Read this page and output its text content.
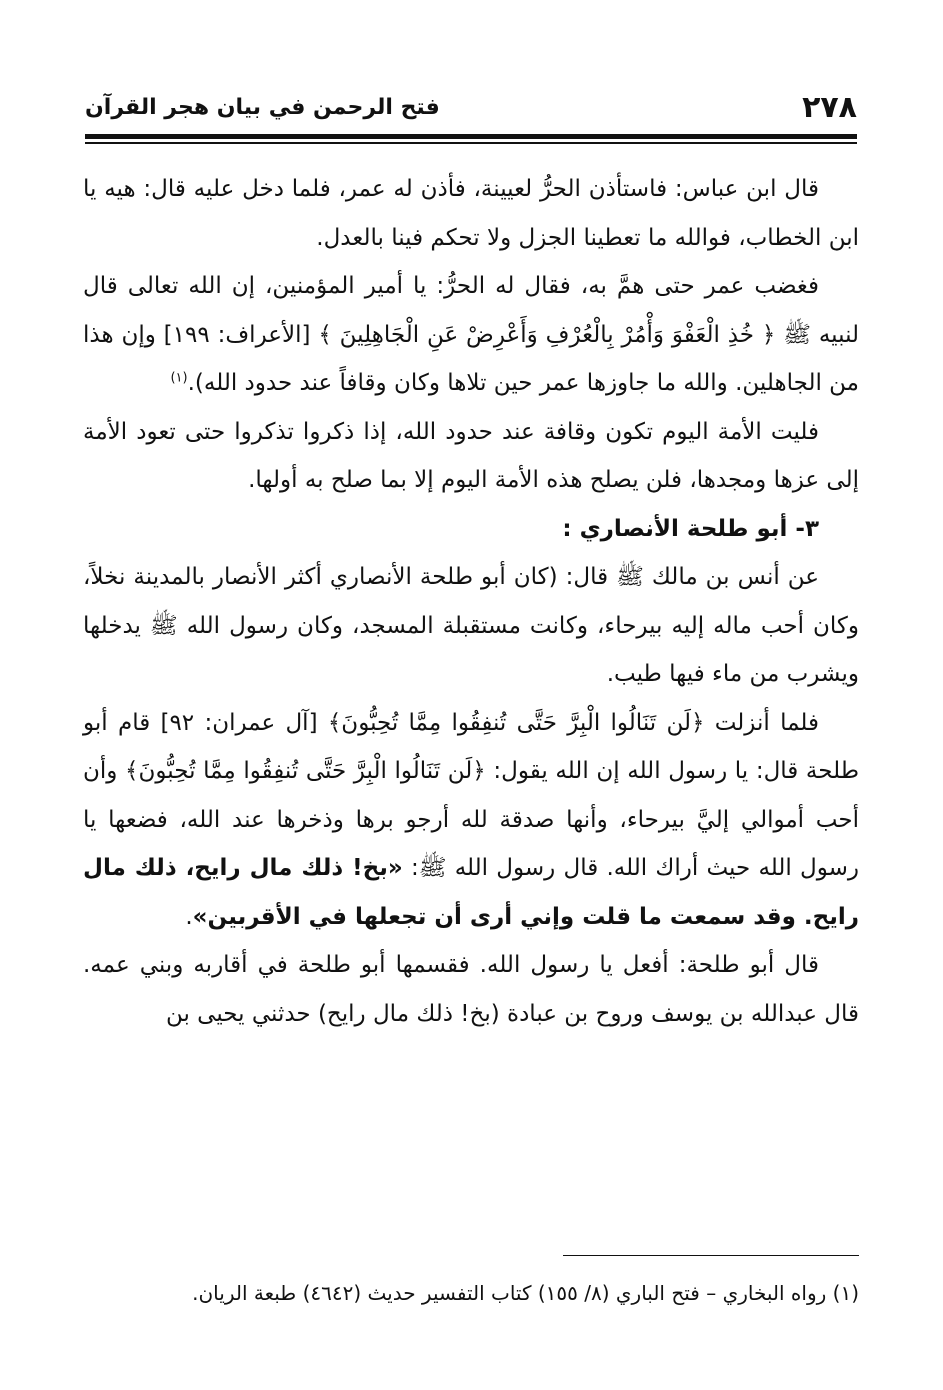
٢٧٨
فتح الرحمن في بيان هجر القرآن

قال ابن عباس: فاستأذن الحرُّ لعيينة، فأذن له عمر، فلما دخل عليه قال: هيه يا ابن الخطاب، فوالله ما تعطينا الجزل ولا تحكم فينا بالعدل.

فغضب عمر حتى همَّ به، فقال له الحرُّ: يا أمير المؤمنين، إن الله تعالى قال لنبيه ﷺ ﴿ خُذِ الْعَفْوَ وَأْمُرْ بِالْعُرْفِ وَأَعْرِضْ عَنِ الْجَاهِلِينَ ﴾ [الأعراف: ١٩٩] وإن هذا من الجاهلين. والله ما جاوزها عمر حين تلاها وكان وقافاً عند حدود الله).$^{(١)}$

فليت الأمة اليوم تكون وقافة عند حدود الله، إذا ذكروا تذكروا حتى تعود الأمة إلى عزها ومجدها، فلن يصلح هذه الأمة اليوم إلا بما صلح به أولها.

٣- أبو طلحة الأنصاري :

عن أنس بن مالك ﷺ قال: (كان أبو طلحة الأنصاري أكثر الأنصار بالمدينة نخلاً، وكان أحب ماله إليه بيرحاء، وكانت مستقبلة المسجد، وكان رسول الله ﷺ يدخلها ويشرب من ماء فيها طيب.

فلما أنزلت ﴿لَن تَنَالُوا الْبِرَّ حَتَّى تُنفِقُوا مِمَّا تُحِبُّونَ﴾ [آل عمران: ٩٢] قام أبو طلحة قال: يا رسول الله إن الله يقول: ﴿لَن تَنَالُوا الْبِرَّ حَتَّى تُنفِقُوا مِمَّا تُحِبُّونَ﴾ وأن أحب أموالي إليَّ بيرحاء، وأنها صدقة لله أرجو برها وذخرها عند الله، فضعها يا رسول الله حيث أراك الله. قال رسول الله ﷺ: «بخ! ذلك مال رايح، ذلك مال رايح. وقد سمعت ما قلت وإني أرى أن تجعلها في الأقربين».

قال أبو طلحة: أفعل يا رسول الله. فقسمها أبو طلحة في أقاربه وبني عمه. قال عبدالله بن يوسف وروح بن عبادة (بخ! ذلك مال رايح) حدثني يحيى بن

(١) رواه البخاري – فتح الباري (٨/ ١٥٥) كتاب التفسير حديث (٤٦٤٢) طبعة الريان.
